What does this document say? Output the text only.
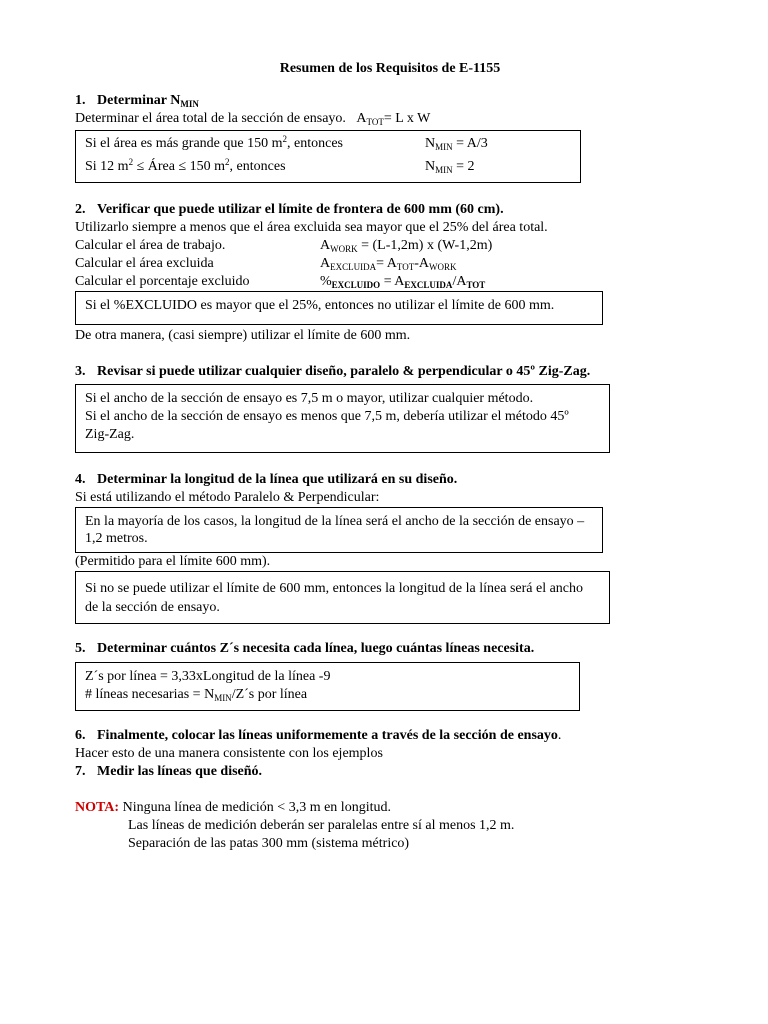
Resumen de los Requisitos de E-1155

1. Determinar $N_{MIN}$

Determinar el área total de la sección de ensayo. $A_{TOT}= L$ x W

Si el área es más grande que 150 $m^2$, entonces	$N_{MIN} = A/3$
Si 12 $m^2$ ≤ Área ≤ 150 $m^2$, entonces	$N_{MIN} = 2$

2. Verificar que puede utilizar el límite de frontera de 600 mm (60 cm).

Utilizarlo siempre a menos que el área excluida sea mayor que el 25% del área total.

Calcular el área de trabajo.	$A_{WORK} = (L-1,2m)$ x (W-1,2m)
Calcular el área excluida	$A_{EXCLUIDA}= A_{TOT}-A_{WORK}$
Calcular el porcentaje excluido	$\%_{EXCLUIDO} = A_{EXCLUIDA}/A_{TOT}$

Si el %EXCLUIDO es mayor que el 25%, entonces no utilizar el límite de 600 mm.

De otra manera, (casi siempre) utilizar el límite de 600 mm.

3. Revisar si puede utilizar cualquier diseño, paralelo & perpendicular o 45º Zig-Zag.

Si el ancho de la sección de ensayo es 7,5 m o mayor, utilizar cualquier método.

Si el ancho de la sección de ensayo es menos que 7,5 m, debería utilizar el método 45º Zig-Zag.

4. Determinar la longitud de la línea que utilizará en su diseño.

Si está utilizando el método Paralelo & Perpendicular:

En la mayoría de los casos, la longitud de la línea será el ancho de la sección de ensayo – 1,2 metros.

(Permitido para el límite 600 mm).

Si no se puede utilizar el límite de 600 mm, entonces la longitud de la línea será el ancho de la sección de ensayo.

5. Determinar cuántos Z´s necesita cada línea, luego cuántas líneas necesita.

Z´s por línea = 3,33xLongitud de la línea -9

# líneas necesarias = $N_{MIN}/Z´s$ por línea

6. Finalmente, colocar las líneas uniformemente a través de la sección de ensayo.

Hacer esto de una manera consistente con los ejemplos

7. Medir las líneas que diseñó.

NOTA: Ninguna línea de medición < 3,3 m en longitud.

Las líneas de medición deberán ser paralelas entre sí al menos 1,2 m.

Separación de las patas 300 mm (sistema métrico)
